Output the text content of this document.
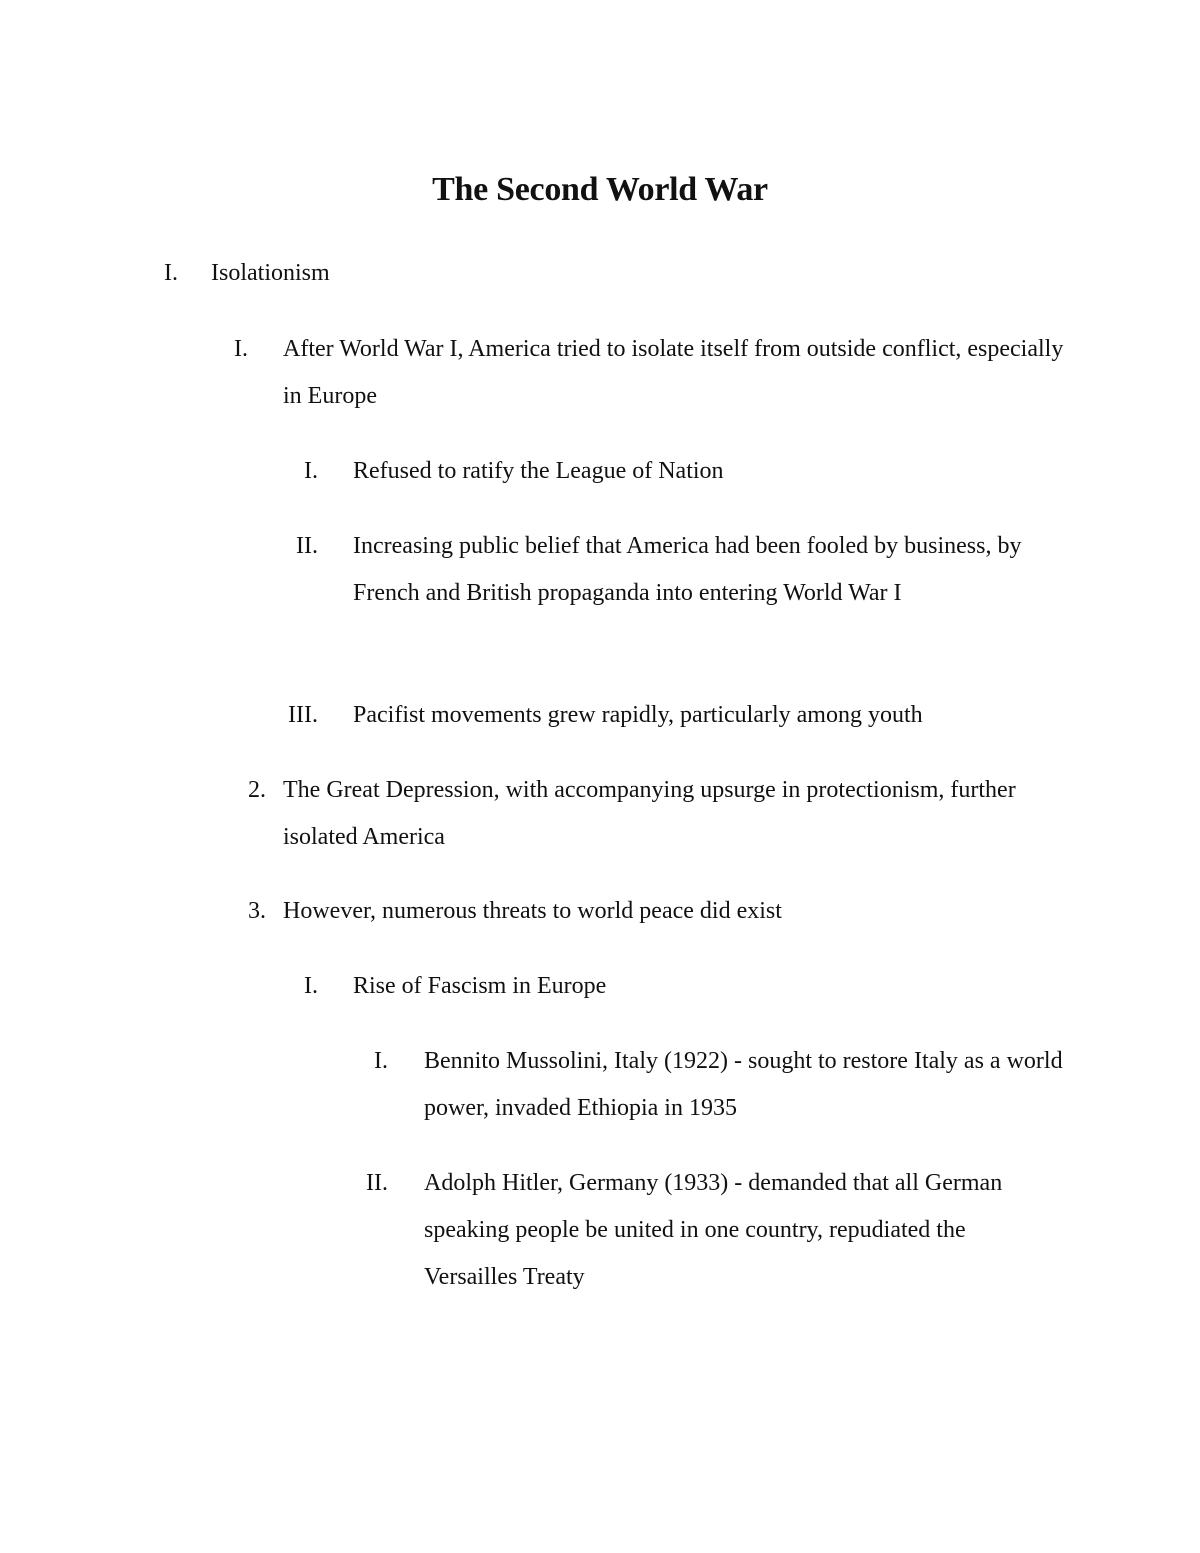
The Second World War
I. Isolationism
I. After World War I, America tried to isolate itself from outside conflict, especially in Europe
I. Refused to ratify the League of Nation
II. Increasing public belief that America had been fooled by business, by French and British propaganda into entering World War I
III. Pacifist movements grew rapidly, particularly among youth
2. The Great Depression, with accompanying upsurge in protectionism, further isolated America
3. However, numerous threats to world peace did exist
I. Rise of Fascism in Europe
I. Bennito Mussolini, Italy (1922) - sought to restore Italy as a world power, invaded Ethiopia in 1935
II. Adolph Hitler, Germany (1933) - demanded that all German speaking people be united in one country, repudiated the Versailles Treaty
